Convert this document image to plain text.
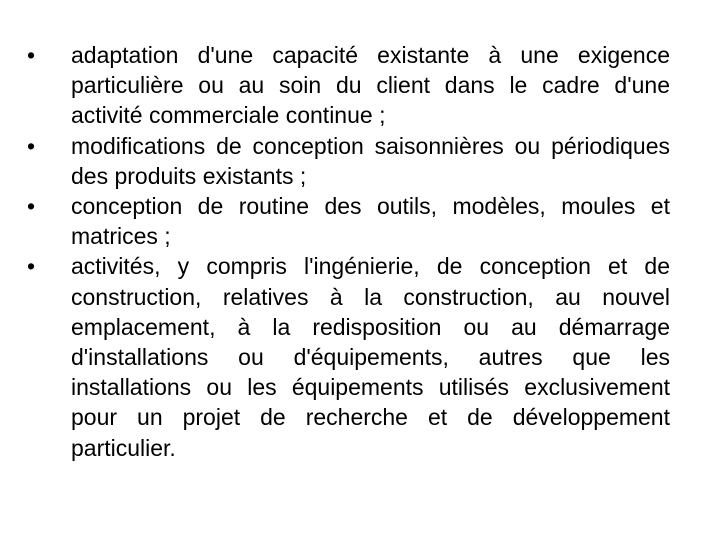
•	adaptation d'une capacité existante à une exigence particulière ou au soin du client dans le cadre d'une activité commerciale continue ;
•	modifications de conception saisonnières ou périodiques des produits existants ;
•	conception de routine des outils, modèles, moules et matrices ;
•	activités, y compris l'ingénierie, de conception et de construction, relatives à la construction, au nouvel emplacement, à la redisposition ou au démarrage d'installations ou d'équipements, autres que les installations ou les équipements utilisés exclusivement pour un projet de recherche et de développement particulier.
